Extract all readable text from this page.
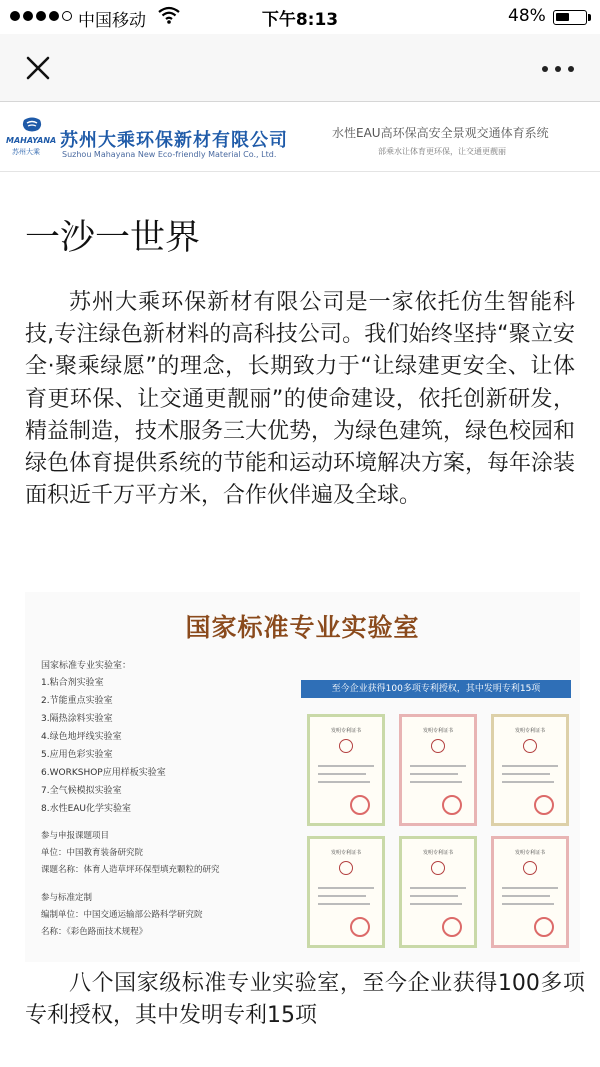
中国移动	下午8:13	48%
MAHAYANA
苏州大乘
苏州大乘环保新材有限公司
Suzhou Mahayana New Eco-friendly Material Co., Ltd.
水性EAU高环保高安全景观交通体育系统
部乘水让体育更环保，让交通更靓丽
一沙一世界

苏州大乘环保新材有限公司是一家依托仿生智能科技,专注绿色新材料的高科技公司。我们始终坚持“聚立安全·聚乘绿愿”的理念，长期致力于“让绿建更安全、让体育更环保、让交通更靓丽”的使命建设，依托创新研发，精益制造，技术服务三大优势，为绿色建筑，绿色校园和绿色体育提供系统的节能和运动环境解决方案，每年涂装面积近千万平方米，合作伙伴遍及全球。

国家标准专业实验室
国家标准专业实验室：
1.粘合剂实验室
2.节能重点实验室
3.隔热涂料实验室
4.绿色地坪线实验室
5.应用色彩实验室
6.WORKSHOP应用样板实验室
7.全气候模拟实验室
8.水性EAU化学实验室
参与申报课题项目
单位：中国教育装备研究院
课题名称：体育人造草坪环保型填充颗粒的研究
参与标准定制
编制单位：中国交通运输部公路科学研究院
名称：《彩色路面技术规程》
至今企业获得100多项专利授权，其中发明专利15项
发明专利证书	发明专利证书	发明专利证书
发明专利证书	发明专利证书	发明专利证书

八个国家级标准专业实验室，至今企业获得100多项专利授权，其中发明专利15项
